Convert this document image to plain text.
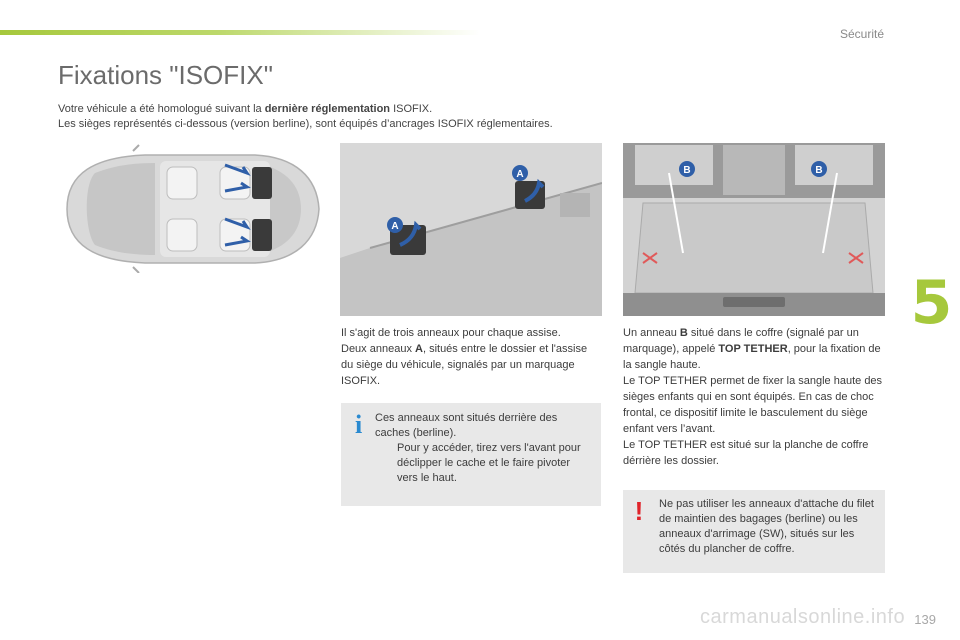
Sécurité
5
Fixations "ISOFIX"
Votre véhicule a été homologué suivant la dernière réglementation ISOFIX.
Les sièges représentés ci-dessous (version berline), sont équipés d’ancrages ISOFIX réglementaires.
A
A	B	B
Il s'agit de trois anneaux pour chaque assise.
Deux anneaux A, situés entre le dossier et l'assise du siège du véhicule, signalés par un marquage ISOFIX.
i Ces anneaux sont situés derrière des caches (berline).
Pour y accéder, tirez vers l'avant pour déclipper le cache et le faire pivoter vers le haut.
Un anneau B situé dans le coffre (signalé par un marquage), appelé TOP TETHER, pour la fixation de la sangle haute.
Le TOP TETHER permet de fixer la sangle haute des sièges enfants qui en sont équipés. En cas de choc frontal, ce dispositif limite le basculement du siège enfant vers l’avant.
Le TOP TETHER est situé sur la planche de coffre dérrière les dossier.
! Ne pas utiliser les anneaux d'attache du filet de maintien des bagages (berline) ou les anneaux d'arrimage (SW), situés sur les côtés du plancher de coffre.
carmanualsonline.info 139
